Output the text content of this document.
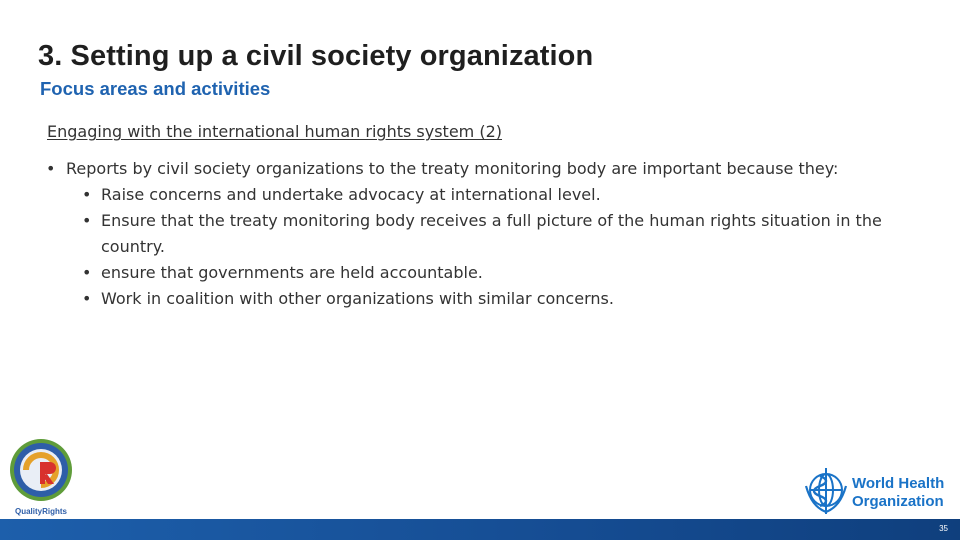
3. Setting up a civil society organization
Focus areas and activities
Engaging with the international human rights system (2)
• Reports by civil society organizations to the treaty monitoring body are important because they:
• Raise concerns and undertake advocacy at international level.
• Ensure that the treaty monitoring body receives a full picture of the human rights situation in the country.
• ensure that governments are held accountable.
• Work in coalition with other organizations with similar concerns.
QualityRights
World Health
Organization
35
